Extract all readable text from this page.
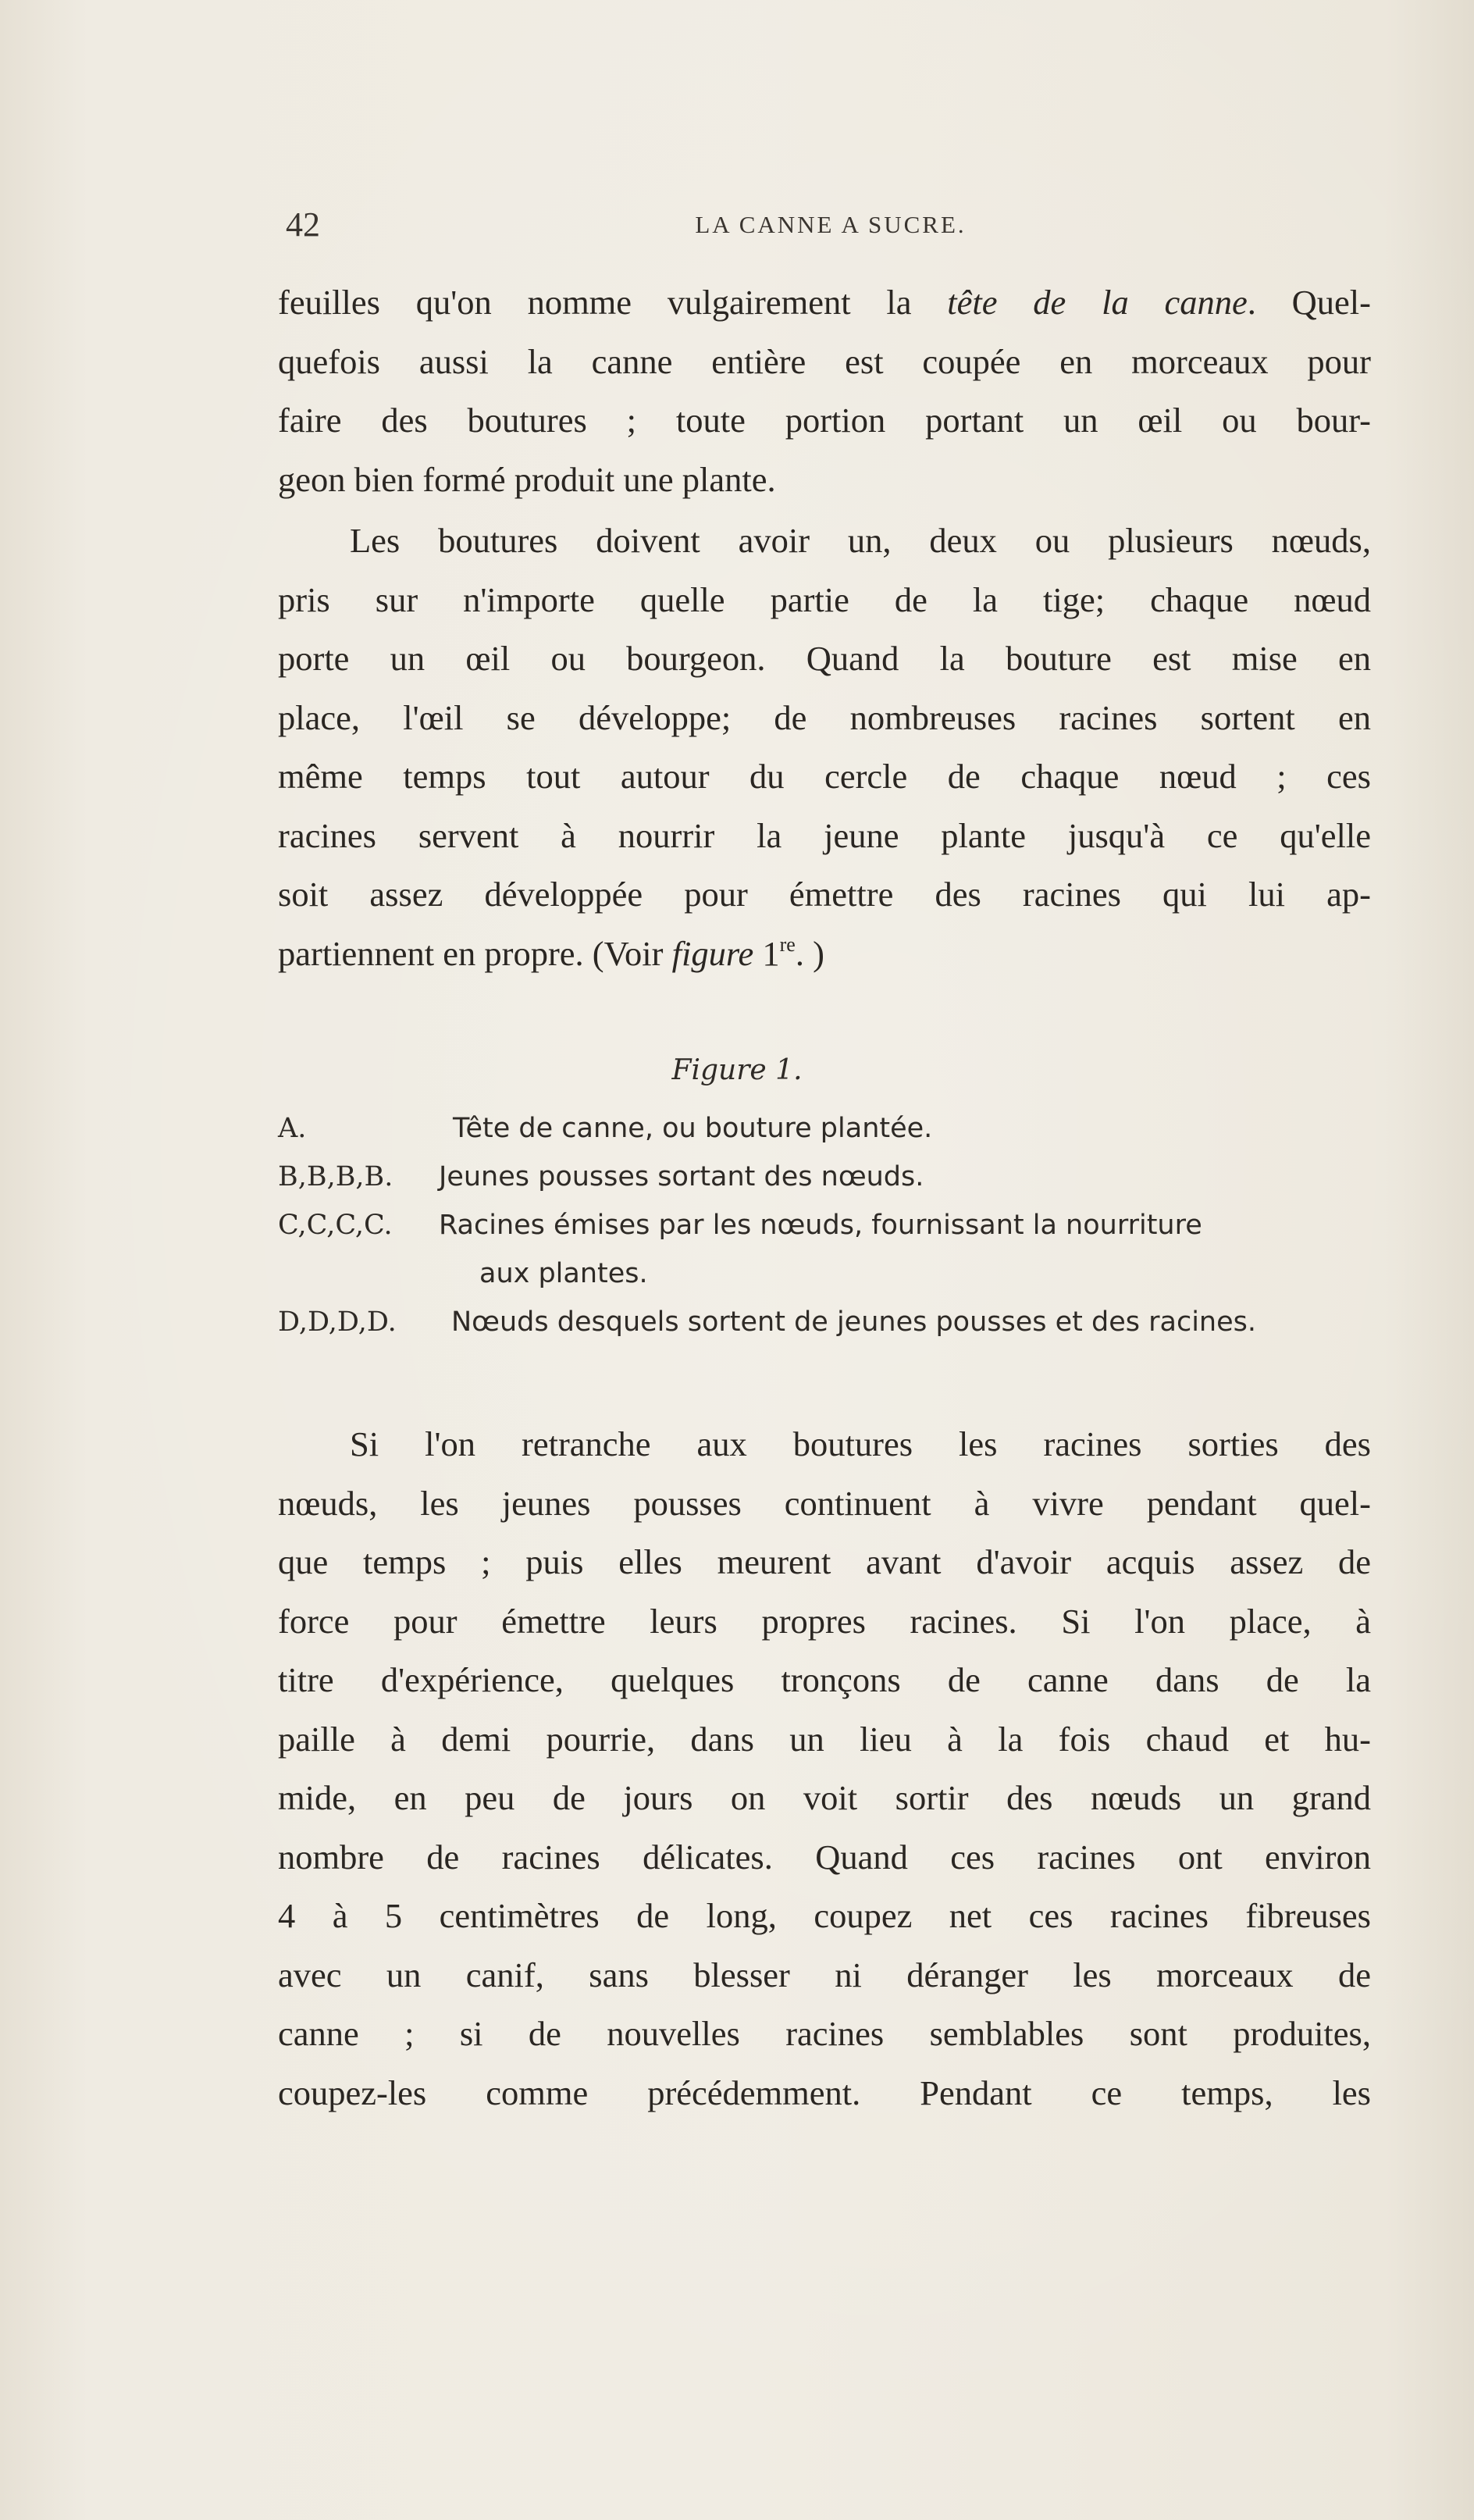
42	LA CANNE A SUCRE.
feuilles qu'on nomme vulgairement la tête de la canne. Quel-
quefois aussi la canne entière est coupée en morceaux pour
faire des boutures ; toute portion portant un œil ou bour-
geon bien formé produit une plante.
Les boutures doivent avoir un, deux ou plusieurs nœuds,
pris sur n'importe quelle partie de la tige; chaque nœud
porte un œil ou bourgeon. Quand la bouture est mise en
place, l'œil se développe; de nombreuses racines sortent en
même temps tout autour du cercle de chaque nœud ; ces
racines servent à nourrir la jeune plante jusqu'à ce qu'elle
soit assez développée pour émettre des racines qui lui ap-
partiennent en propre. (Voir figure 1re. )
Figure 1.
A.	Tête de canne, ou bouture plantée.
B,B,B,B. Jeunes pousses sortant des nœuds.
C,C,C,C. Racines émises par les nœuds, fournissant la nourriture
aux plantes.
D,D,D,D. Nœuds desquels sortent de jeunes pousses et des racines.
Si l'on retranche aux boutures les racines sorties des
nœuds, les jeunes pousses continuent à vivre pendant quel-
que temps ; puis elles meurent avant d'avoir acquis assez de
force pour émettre leurs propres racines. Si l'on place, à
titre d'expérience, quelques tronçons de canne dans de la
paille à demi pourrie, dans un lieu à la fois chaud et hu-
mide, en peu de jours on voit sortir des nœuds un grand
nombre de racines délicates. Quand ces racines ont environ
4 à 5 centimètres de long, coupez net ces racines fibreuses
avec un canif, sans blesser ni déranger les morceaux de
canne ; si de nouvelles racines semblables sont produites,
coupez-les comme précédemment. Pendant ce temps, les
